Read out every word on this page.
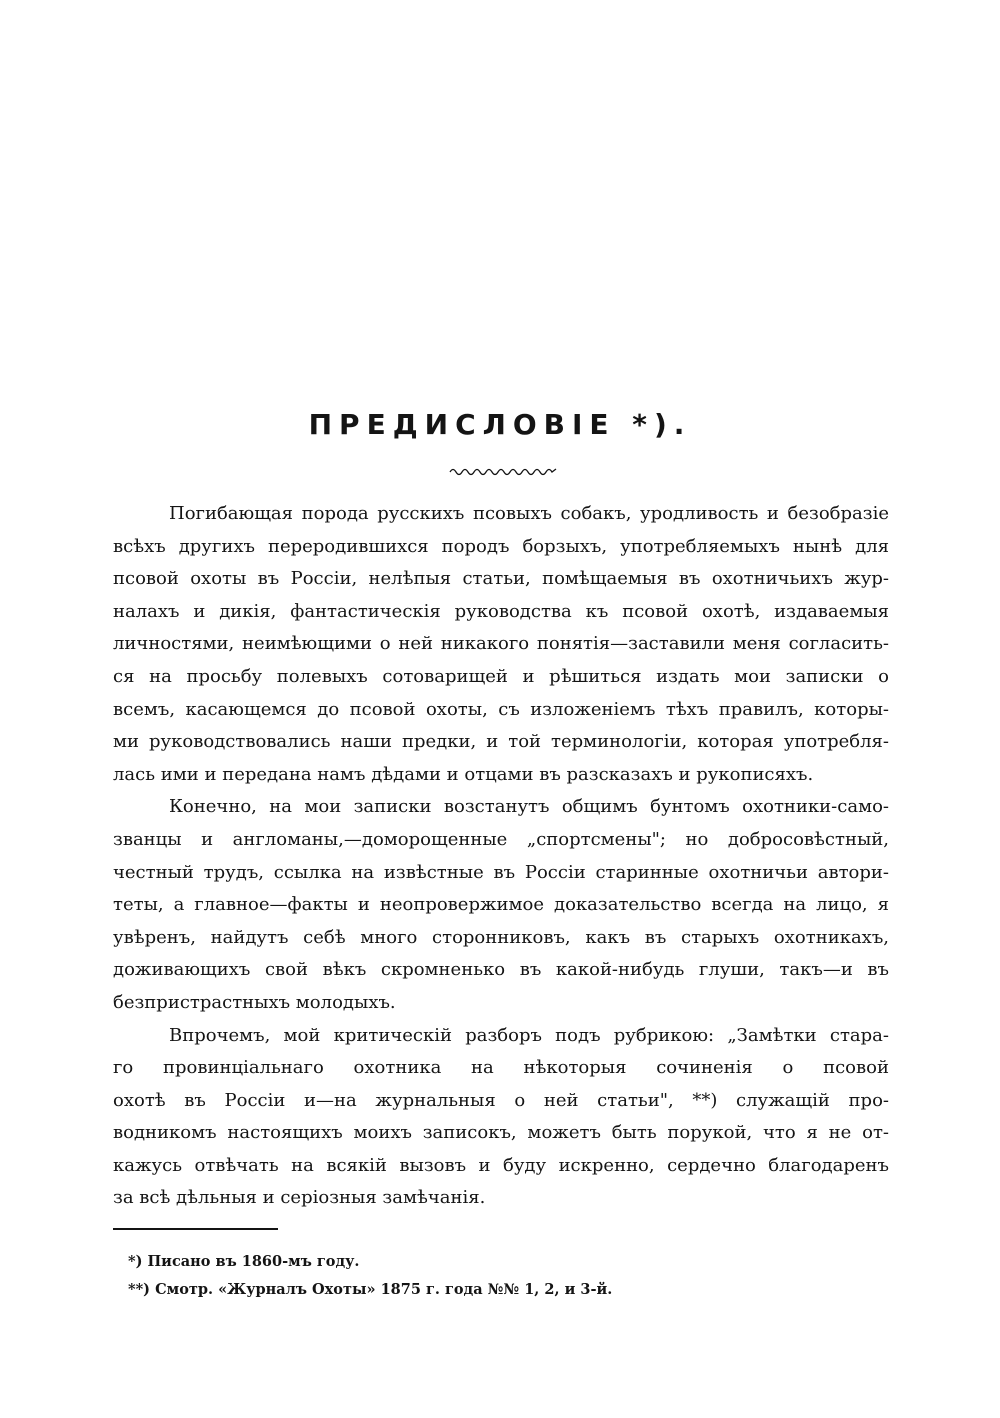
ПРЕДИСЛОВІЕ *).

Погибающая порода русскихъ псовыхъ собакъ, уродливость и безобразіе
всѣхъ другихъ переродившихся породъ борзыхъ, употребляемыхъ нынѣ для
псовой охоты въ Россіи, нелѣпыя статьи, помѣщаемыя въ охотничьихъ жур-
налахъ и дикія, фантастическія руководства къ псовой охотѣ, издаваемыя
личностями, неимѣющими о ней никакого понятія—заставили меня согласить-
ся на просьбу полевыхъ сотоварищей и рѣшиться издать мои записки о
всемъ, касающемся до псовой охоты, съ изложеніемъ тѣхъ правилъ, которы-
ми руководствовались наши предки, и той терминологіи, которая употребля-
лась ими и передана намъ дѣдами и отцами въ разсказахъ и рукописяхъ.

Конечно, на мои записки возстанутъ общимъ бунтомъ охотники-само-
званцы и англоманы,—доморощенные „спортсмены"; но добросовѣстный,
честный трудъ, ссылка на извѣстные въ Россіи старинные охотничьи автори-
теты, а главное—факты и неопровержимое доказательство всегда на лицо, я
увѣренъ, найдутъ себѣ много сторонниковъ, какъ въ старыхъ охотникахъ,
доживающихъ свой вѣкъ скромненько въ какой-нибудь глуши, такъ—и въ
безпристрастныхъ молодыхъ.

Впрочемъ, мой критическій разборъ подъ рубрикою: „Замѣтки стара-
го провинціальнаго охотника на нѣкоторыя сочиненія о псовой
охотѣ въ Россіи и—на журнальныя о ней статьи", **) служащій про-
водникомъ настоящихъ моихъ записокъ, можетъ быть порукой, что я не от-
кажусь отвѣчать на всякій вызовъ и буду искренно, сердечно благодаренъ
за всѣ дѣльныя и серіозныя замѣчанія.

*) Писано въ 1860-мъ году.
**) Смотр. «Журналъ Охоты» 1875 г. года №№ 1, 2, и 3-й.
